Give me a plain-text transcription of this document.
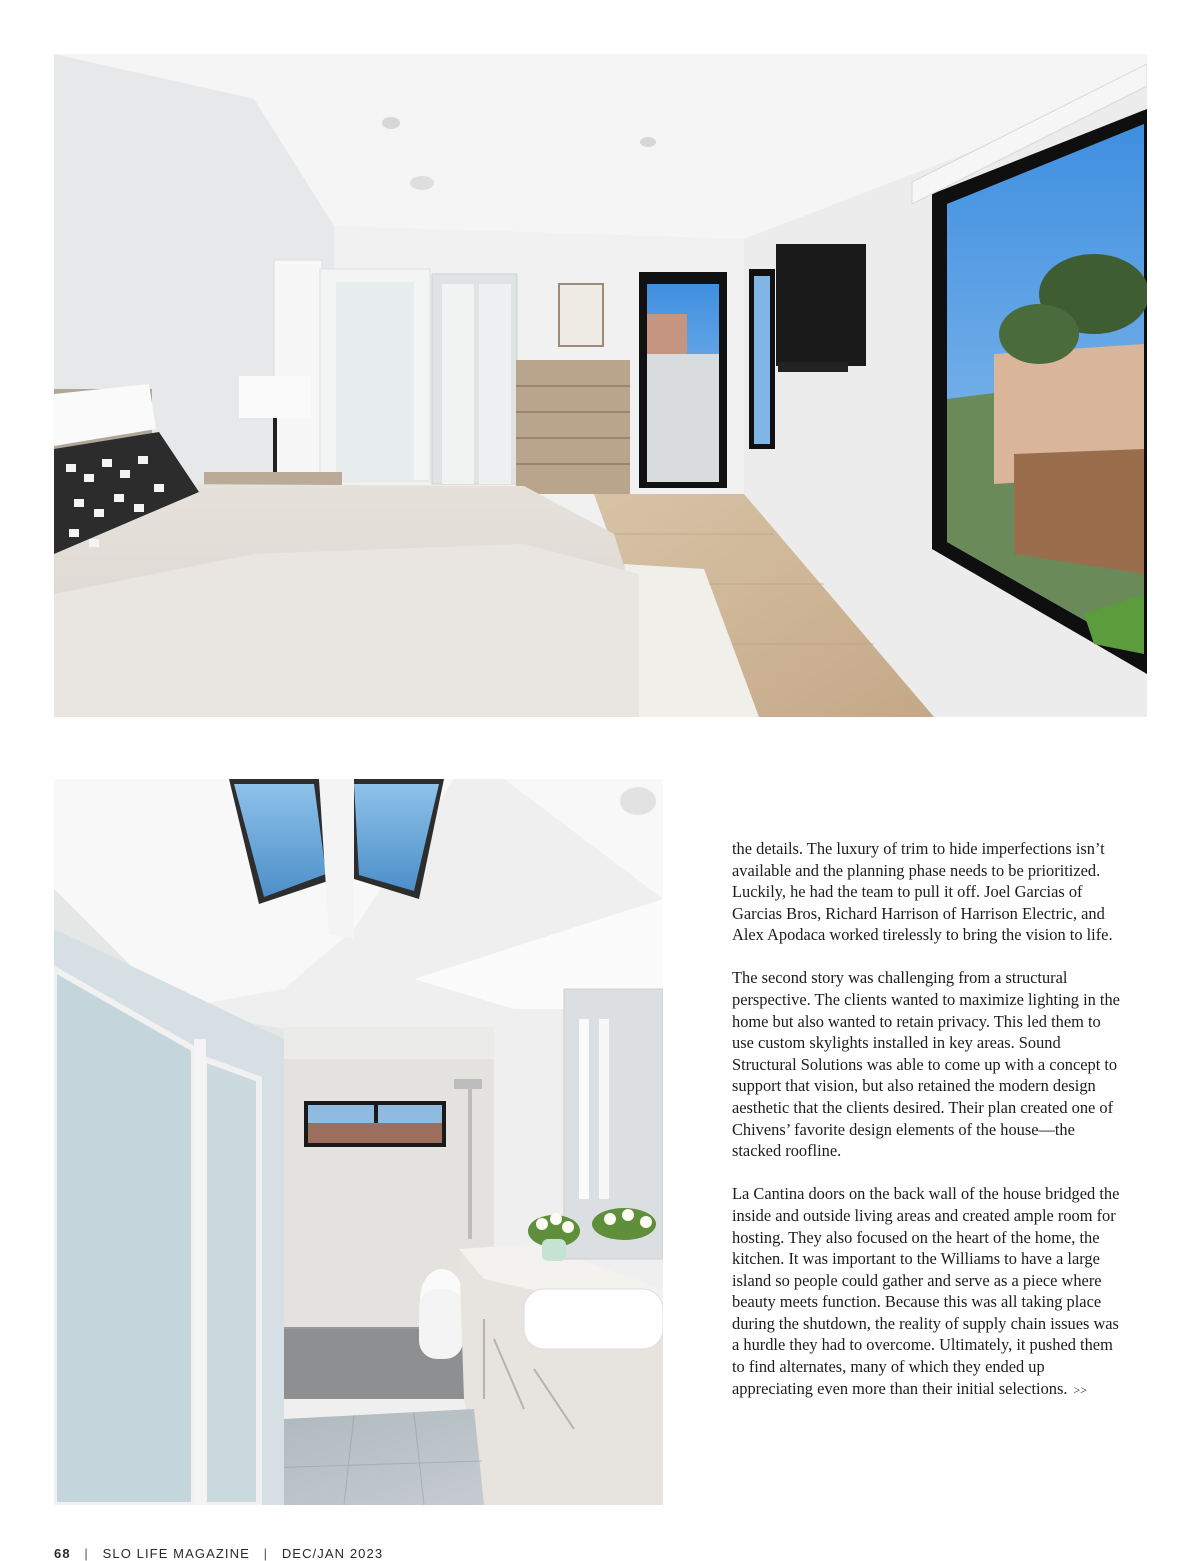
the details. The luxury of trim to hide imperfections isn’t available and the planning phase needs to be prioritized. Luckily, he had the team to pull it off. Joel Garcias of Garcias Bros, Richard Harrison of Harrison Electric, and Alex Apodaca worked tirelessly to bring the vision to life.

The second story was challenging from a structural perspective. The clients wanted to maximize lighting in the home but also wanted to retain privacy. This led them to use custom skylights installed in key areas. Sound Structural Solutions was able to come up with a concept to support that vision, but also retained the modern design aesthetic that the clients desired. Their plan created one of Chivens’ favorite design elements of the house—the stacked roofline.

La Cantina doors on the back wall of the house bridged the inside and outside living areas and created ample room for hosting. They also focused on the heart of the home, the kitchen. It was important to the Williams to have a large island so people could gather and serve as a piece where beauty meets function. Because this was all taking place during the shutdown, the reality of supply chain issues was a hurdle they had to overcome. Ultimately, it pushed them to find alternates, many of which they ended up appreciating even more than their initial selections. >>

68 | SLO LIFE MAGAZINE | DEC/JAN 2023
